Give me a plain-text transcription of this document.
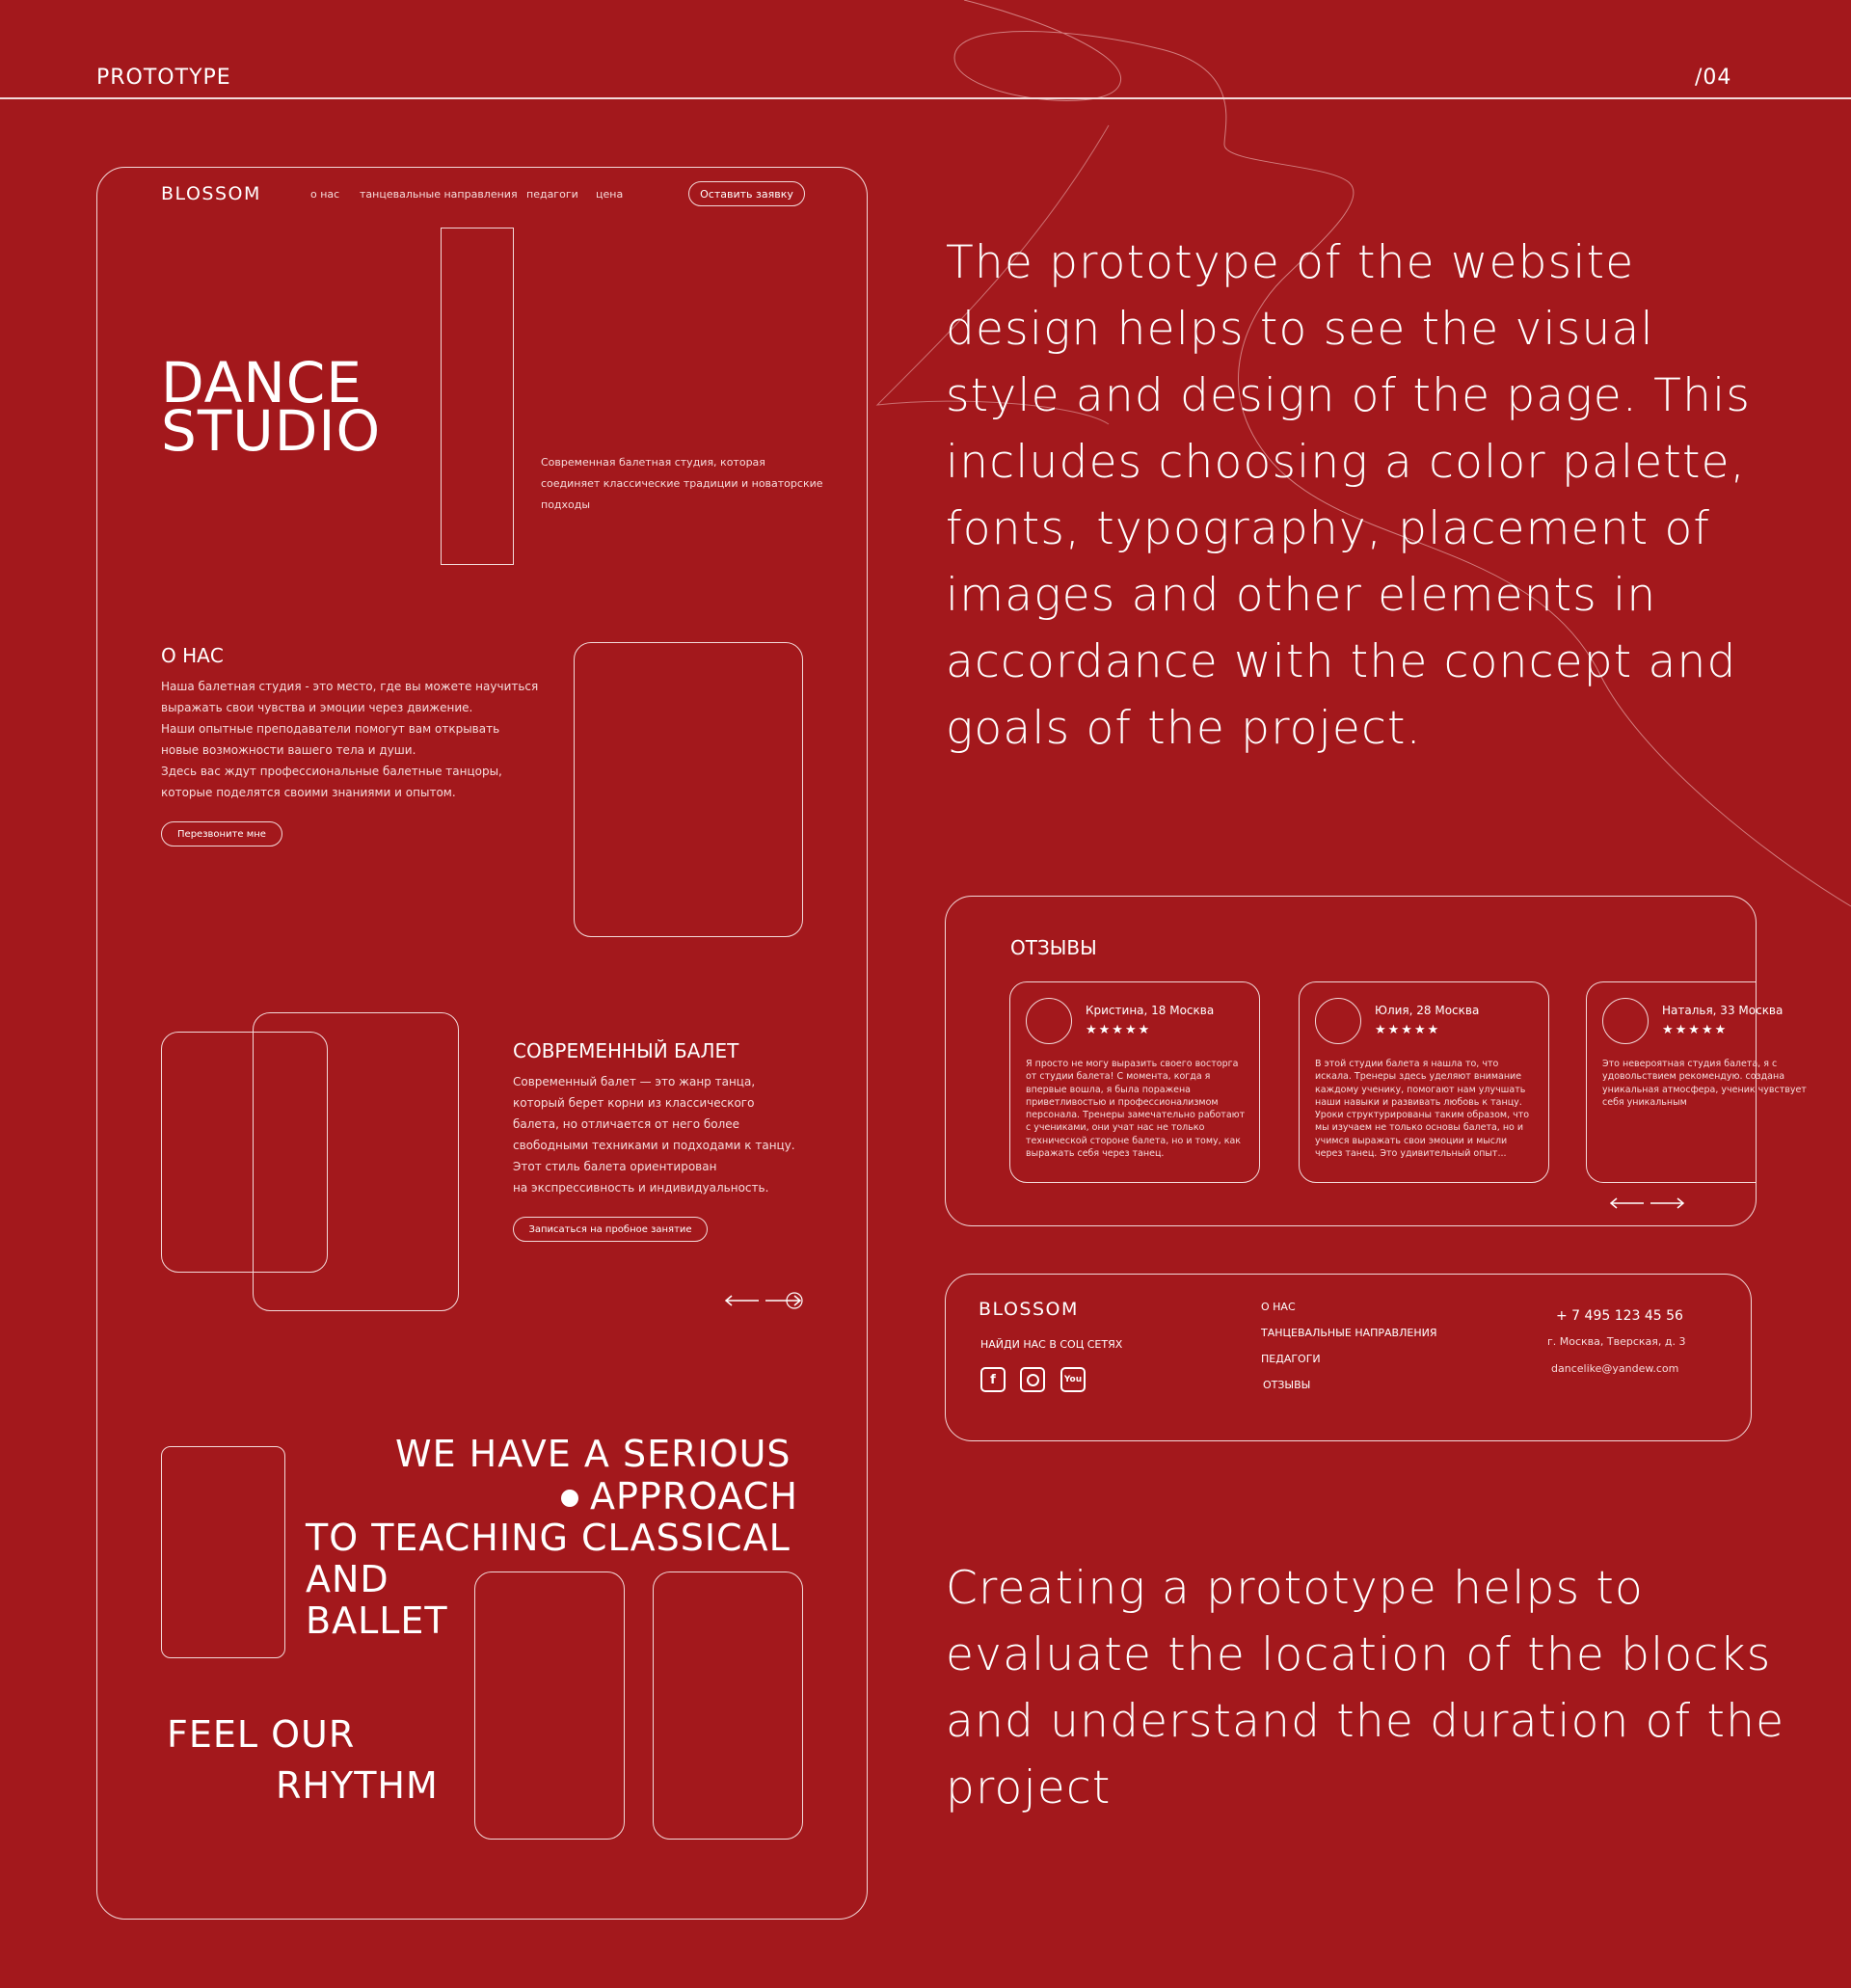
PROTOTYPE	/04
BLOSSOM	о нас танцевальные направления педагоги цена	Оставить заявку
DANCE
STUDIO	Современная балетная студия, которая
соединяет классические традиции и новаторские
подходы
О НАС
Наша балетная студия - это место, где вы можете научиться
выражать свои чувства и эмоции через движение.
Наши опытные преподаватели помогут вам открывать
новые возможности вашего тела и души.
Здесь вас ждут профессиональные балетные танцоры,
которые поделятся своими знаниями и опытом.
Перезвоните мне
СОВРЕМЕННЫЙ БАЛЕТ
Современный балет — это жанр танца,
который берет корни из классического
балета, но отличается от него более
свободными техниками и подходами к танцу.
Этот стиль балета ориентирован
на экспрессивность и индивидуальность.
Записаться на пробное занятие
WE HAVE A SERIOUS
APPROACH
TO TEACHING CLASSICAL
AND
BALLET
FEEL OUR
RHYTHM
The prototype of the website
design helps to see the visual
style and design of the page. This
includes choosing a color palette,
fonts, typography, placement of
images and other elements in
accordance with the concept and
goals of the project.
ОТЗЫВЫ
Кристина, 18 Москва
★★★★★
Я просто не могу выразить своего восторга от студии балета! С момента, когда я впервые вошла, я была поражена приветливостью и профессионализмом персонала. Тренеры замечательно работают с учениками, они учат нас не только технической стороне балета, но и тому, как выражать себя через танец.
Юлия, 28 Москва
★★★★★
В этой студии балета я нашла то, что искала. Тренеры здесь уделяют внимание каждому ученику, помогают нам улучшать наши навыки и развивать любовь к танцу. Уроки структурированы таким образом, что мы изучаем не только основы балета, но и учимся выражать свои эмоции и мысли через танец. Это удивительный опыт...
Наталья, 33 Москва
★★★★★
Это невероятная студия балета, я с удовольствием рекомендую. создана уникальная атмосфера, ученик чувствует себя уникальным
BLOSSOM
НАЙДИ НАС В СОЦ СЕТЯХ
f	You
О НАС
ТАНЦЕВАЛЬНЫЕ НАПРАВЛЕНИЯ
ПЕДАГОГИ
ОТЗЫВЫ
+ 7 495 123 45 56
г. Москва, Тверская, д. 3
dancelike@yandew.com
Creating a prototype helps to
evaluate the location of the blocks
and understand the duration of the
project
